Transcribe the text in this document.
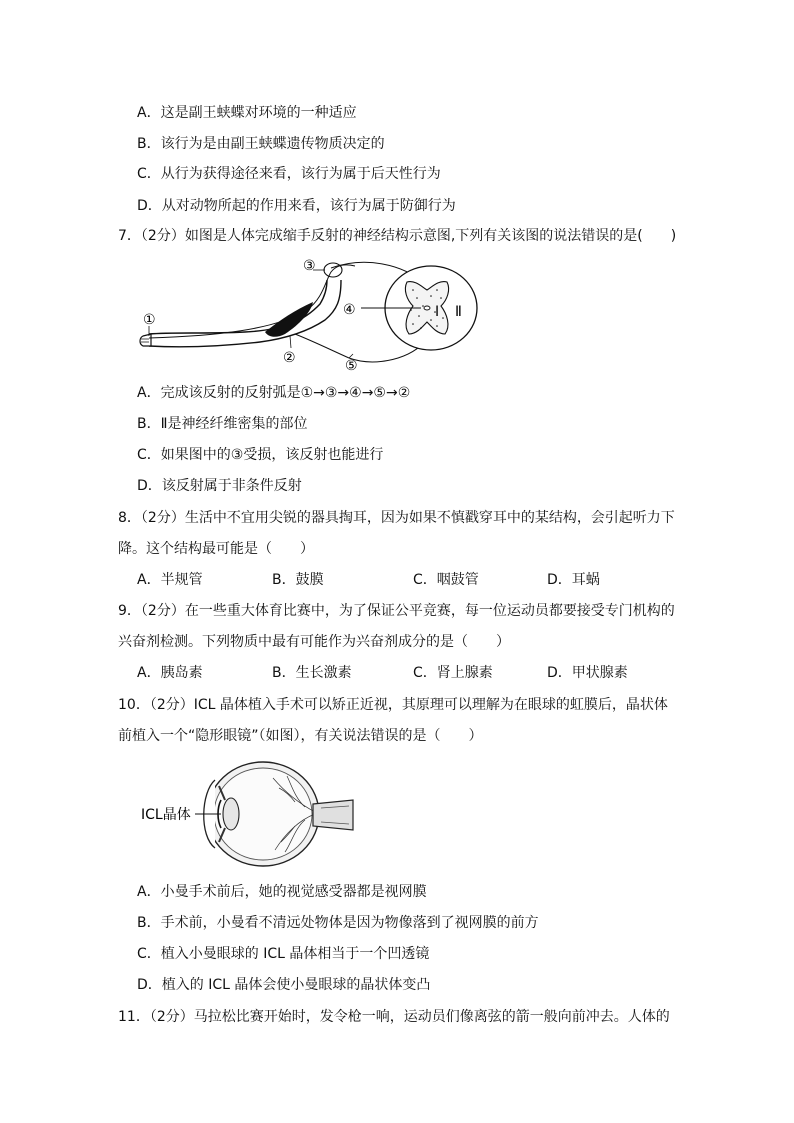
A．这是副王蛱蝶对环境的一种适应
B．该行为是由副王蛱蝶遗传物质决定的
C．从行为获得途径来看，该行为属于后天性行为
D．从对动物所起的作用来看，该行为属于防御行为
7．（2分）如图是人体完成缩手反射的神经结构示意图,下列有关该图的说法错误的是(　　)
①
②
③
④
⑤
Ⅰ Ⅱ
A．完成该反射的反射弧是①→③→④→⑤→②
B．Ⅱ是神经纤维密集的部位
C．如果图中的③受损，该反射也能进行
D．该反射属于非条件反射
8．（2分）生活中不宜用尖锐的器具掏耳，因为如果不慎戳穿耳中的某结构，会引起听力下
降。这个结构最可能是（　　）
A．半规管	B．鼓膜	C．咽鼓管	D．耳蜗
9．（2分）在一些重大体育比赛中，为了保证公平竞赛，每一位运动员都要接受专门机构的
兴奋剂检测。下列物质中最有可能作为兴奋剂成分的是（　　）
A．胰岛素	B．生长激素	C．肾上腺素	D．甲状腺素
10．（2分）ICL 晶体植入手术可以矫正近视，其原理可以理解为在眼球的虹膜后，晶状体
前植入一个“隐形眼镜”（如图），有关说法错误的是（　　）
ICL晶体
A．小曼手术前后，她的视觉感受器都是视网膜
B．手术前，小曼看不清远处物体是因为物像落到了视网膜的前方
C．植入小曼眼球的 ICL 晶体相当于一个凹透镜
D．植入的 ICL 晶体会使小曼眼球的晶状体变凸
11．（2分）马拉松比赛开始时，发令枪一响，运动员们像离弦的箭一般向前冲去。人体的
